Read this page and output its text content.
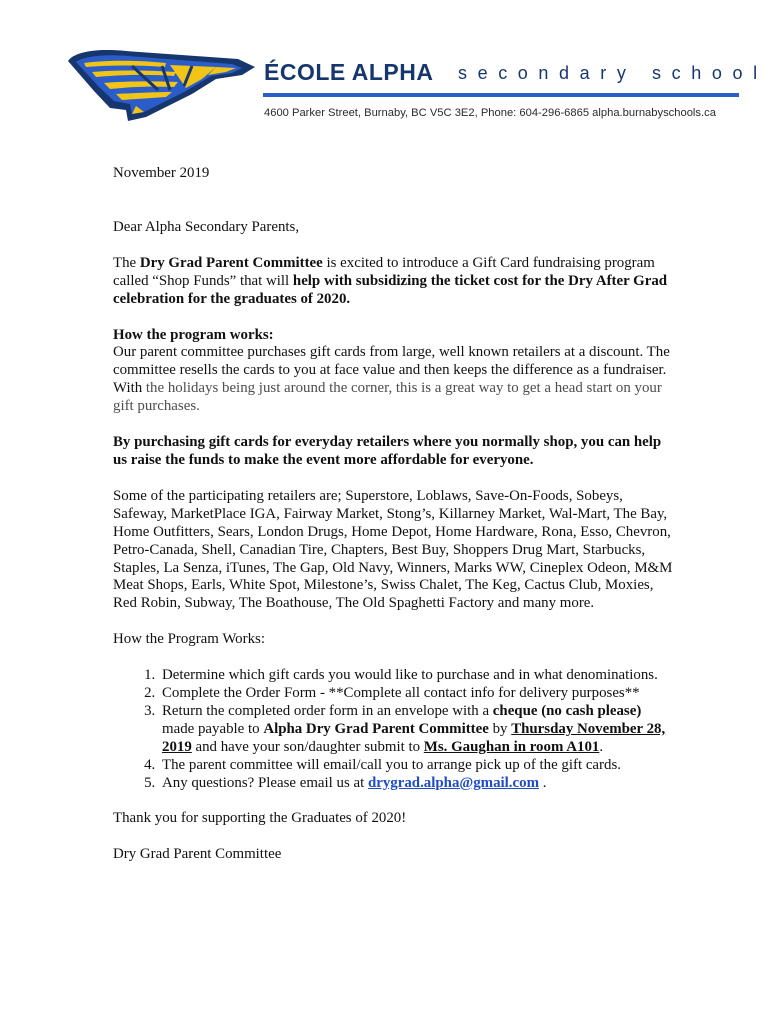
ÉCOLE ALPHA secondary school
4600 Parker Street, Burnaby, BC V5C 3E2, Phone: 604-296-6865 alpha.burnabyschools.ca

November 2019

Dear Alpha Secondary Parents,

The Dry Grad Parent Committee is excited to introduce a Gift Card fundraising program called “Shop Funds” that will help with subsidizing the ticket cost for the Dry After Grad celebration for the graduates of 2020.

How the program works:
Our parent committee purchases gift cards from large, well known retailers at a discount. The committee resells the cards to you at face value and then keeps the difference as a fundraiser. With the holidays being just around the corner, this is a great way to get a head start on your gift purchases.

By purchasing gift cards for everyday retailers where you normally shop, you can help us raise the funds to make the event more affordable for everyone.

Some of the participating retailers are; Superstore, Loblaws, Save-On-Foods, Sobeys, Safeway, MarketPlace IGA, Fairway Market, Stong’s, Killarney Market, Wal-Mart, The Bay, Home Outfitters, Sears, London Drugs, Home Depot, Home Hardware, Rona, Esso, Chevron, Petro-Canada, Shell, Canadian Tire, Chapters, Best Buy, Shoppers Drug Mart, Starbucks, Staples, La Senza, iTunes, The Gap, Old Navy, Winners, Marks WW, Cineplex Odeon, M&M Meat Shops, Earls, White Spot, Milestone’s, Swiss Chalet, The Keg, Cactus Club, Moxies, Red Robin, Subway, The Boathouse, The Old Spaghetti Factory and many more.

How the Program Works:

1. Determine which gift cards you would like to purchase and in what denominations.
2. Complete the Order Form - **Complete all contact info for delivery purposes**
3. Return the completed order form in an envelope with a cheque (no cash please) made payable to Alpha Dry Grad Parent Committee by Thursday November 28, 2019 and have your son/daughter submit to Ms. Gaughan in room A101.
4. The parent committee will email/call you to arrange pick up of the gift cards.
5. Any questions? Please email us at drygrad.alpha@gmail.com .

Thank you for supporting the Graduates of 2020!

Dry Grad Parent Committee
